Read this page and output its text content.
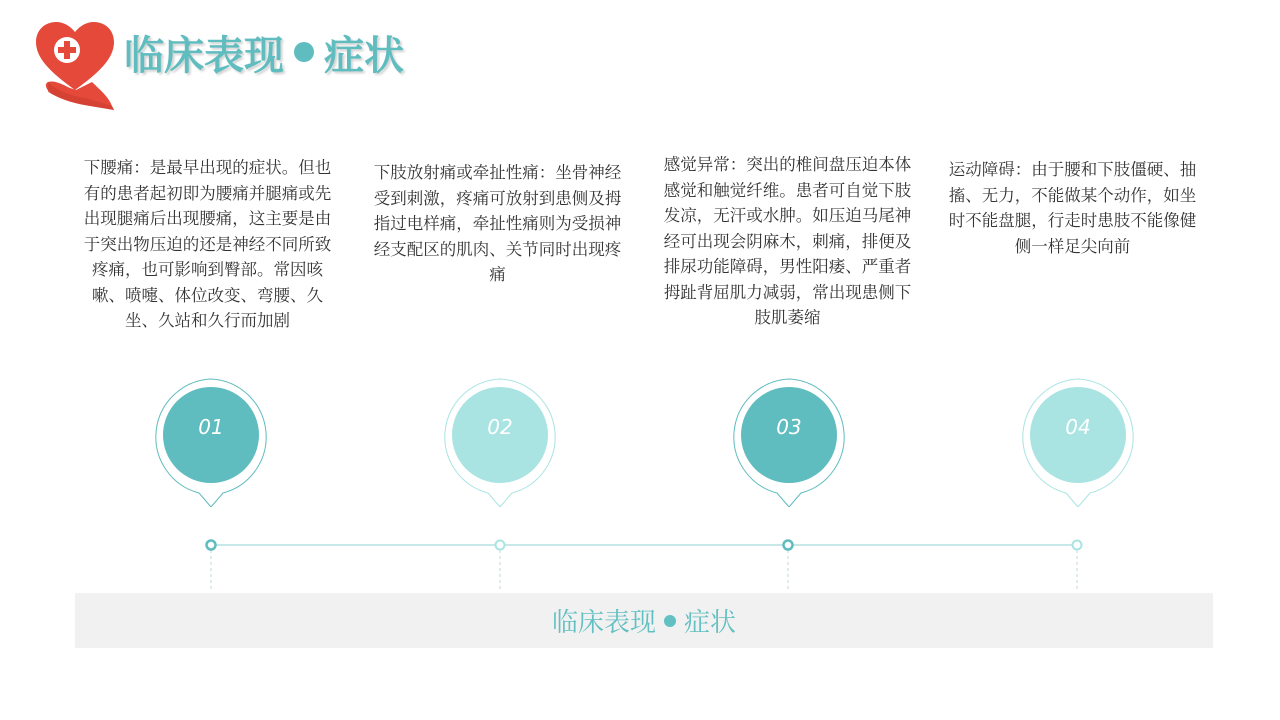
临床表现 症状
下腰痛：是最早出现的症状。但也有的患者起初即为腰痛并腿痛或先出现腿痛后出现腰痛，这主要是由于突出物压迫的还是神经不同所致疼痛，也可影响到臀部。常因咳嗽、喷嚏、体位改变、弯腰、久坐、久站和久行而加剧
下肢放射痛或牵扯性痛：坐骨神经受到刺激，疼痛可放射到患侧及拇指过电样痛，牵扯性痛则为受损神经支配区的肌肉、关节同时出现疼痛
感觉异常：突出的椎间盘压迫本体感觉和触觉纤维。患者可自觉下肢发凉，无汗或水肿。如压迫马尾神经可出现会阴麻木，刺痛，排便及排尿功能障碍，男性阳痿、严重者拇趾背屈肌力减弱，常出现患侧下肢肌萎缩
运动障碍：由于腰和下肢僵硬、抽搐、无力，不能做某个动作，如坐时不能盘腿，行走时患肢不能像健侧一样足尖向前
01	02	03	04
临床表现 症状
